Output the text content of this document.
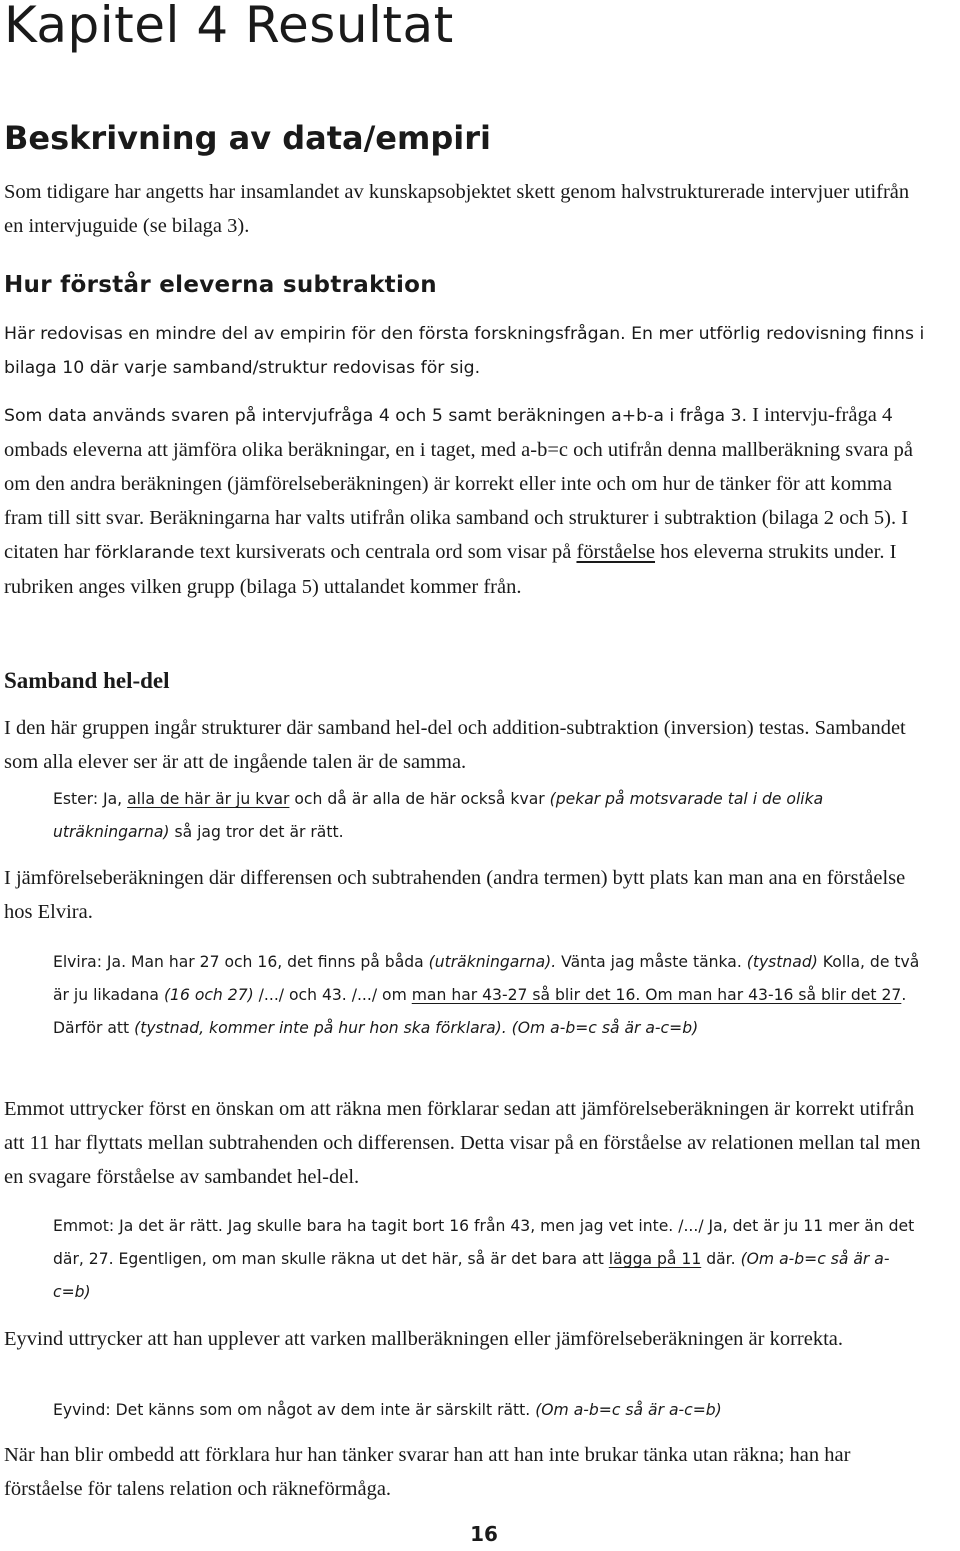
Kapitel 4 Resultat
Beskrivning av data/empiri

Som tidigare har angetts har insamlandet av kunskapsobjektet skett genom halvstrukturerade intervjuer utifrån en intervjuguide (se bilaga 3).

Hur förstår eleverna subtraktion

Här redovisas en mindre del av empirin för den första forskningsfrågan. En mer utförlig redovisning finns i bilaga 10 där varje samband/struktur redovisas för sig.

Som data används svaren på intervjufråga 4 och 5 samt beräkningen a+b-a i fråga 3. I intervju-fråga 4 ombads eleverna att jämföra olika beräkningar, en i taget, med a-b=c och utifrån denna mallberäkning svara på om den andra beräkningen (jämförelseberäkningen) är korrekt eller inte och om hur de tänker för att komma fram till sitt svar. Beräkningarna har valts utifrån olika samband och strukturer i subtraktion (bilaga 2 och 5). I citaten har förklarande text kursiverats och centrala ord som visar på förståelse hos eleverna strukits under. I rubriken anges vilken grupp (bilaga 5) uttalandet kommer från.

Samband hel-del

I den här gruppen ingår strukturer där samband hel-del och addition-subtraktion (inversion) testas. Sambandet som alla elever ser är att de ingående talen är de samma.

Ester: Ja, alla de här är ju kvar och då är alla de här också kvar (pekar på motsvarade tal i de olika uträkningarna) så jag tror det är rätt.

I jämförelseberäkningen där differensen och subtrahenden (andra termen) bytt plats kan man ana en förståelse hos Elvira.

Elvira: Ja. Man har 27 och 16, det finns på båda (uträkningarna). Vänta jag måste tänka. (tystnad) Kolla, de två är ju likadana (16 och 27) /.../ och 43. /.../ om man har 43-27 så blir det 16. Om man har 43-16 så blir det 27. Därför att (tystnad, kommer inte på hur hon ska förklara). (Om a-b=c så är a-c=b)

Emmot uttrycker först en önskan om att räkna men förklarar sedan att jämförelseberäkningen är korrekt utifrån att 11 har flyttats mellan subtrahenden och differensen. Detta visar på en förståelse av relationen mellan tal men en svagare förståelse av sambandet hel-del.

Emmot: Ja det är rätt. Jag skulle bara ha tagit bort 16 från 43, men jag vet inte. /.../ Ja, det är ju 11 mer än det där, 27. Egentligen, om man skulle räkna ut det här, så är det bara att lägga på 11 där. (Om a-b=c så är a-c=b)

Eyvind uttrycker att han upplever att varken mallberäkningen eller jämförelseberäkningen är korrekta.

Eyvind: Det känns som om något av dem inte är särskilt rätt. (Om a-b=c så är a-c=b)

När han blir ombedd att förklara hur han tänker svarar han att han inte brukar tänka utan räkna; han har förståelse för talens relation och räkneförmåga.

16
